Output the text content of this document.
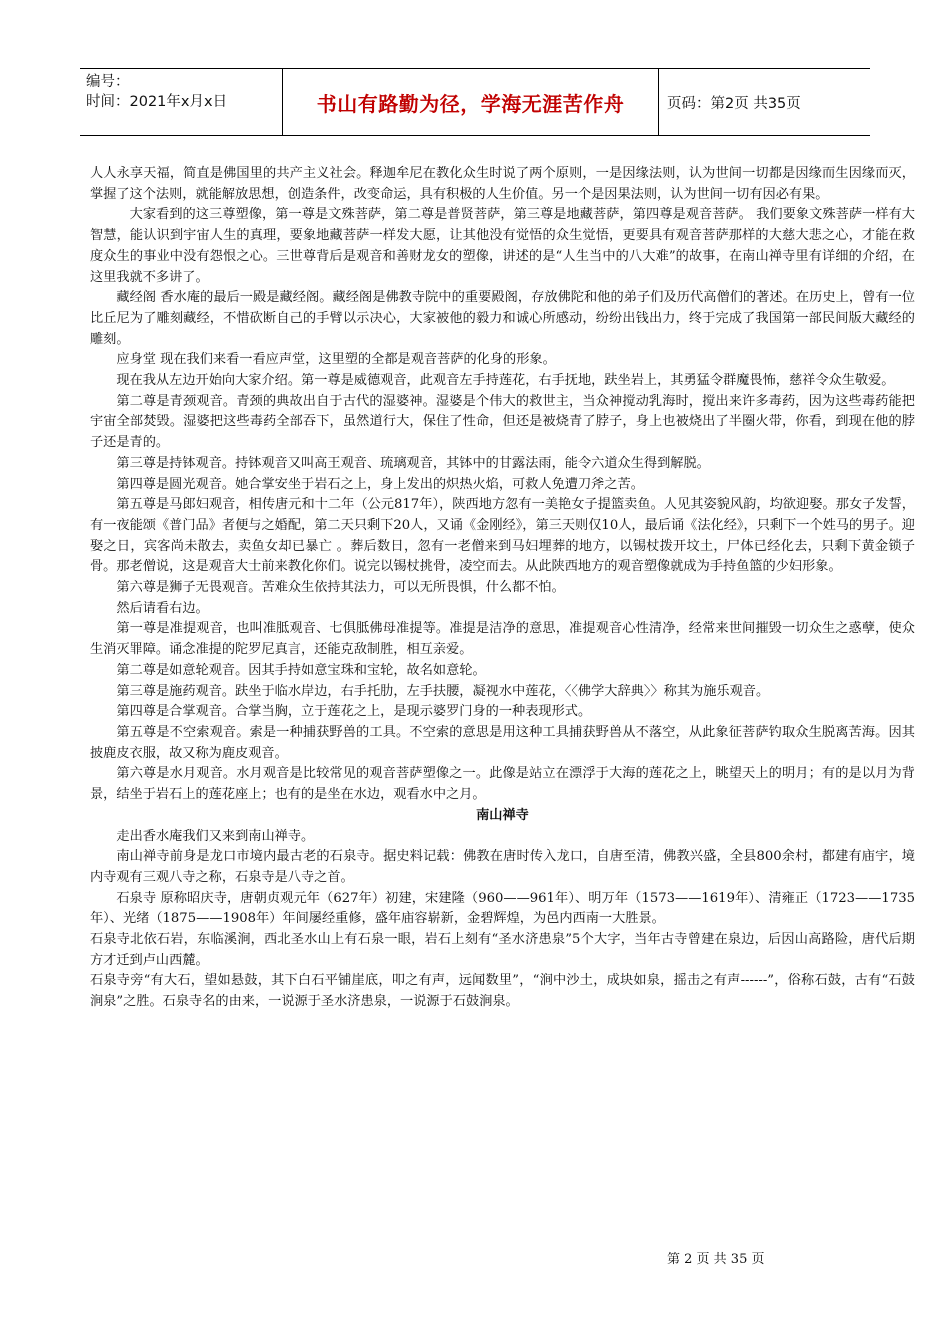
编号：
时间：2021年x月x日	书山有路勤为径，学海无涯苦作舟	页码：第2页 共35页

人人永享天福，简直是佛国里的共产主义社会。释迦牟尼在教化众生时说了两个原则，一是因缘法则，认为世间一切都是因缘而生因缘而灭，掌握了这个法则，就能解放思想，创造条件，改变命运，具有积极的人生价值。另一个是因果法则，认为世间一切有因必有果。

大家看到的这三尊塑像，第一尊是文殊菩萨，第二尊是普贤菩萨，第三尊是地藏菩萨，第四尊是观音菩萨。 我们要象文殊菩萨一样有大智慧，能认识到宇宙人生的真理，要象地藏菩萨一样发大愿，让其他没有觉悟的众生觉悟，更要具有观音菩萨那样的大慈大悲之心，才能在救度众生的事业中没有怨恨之心。三世尊背后是观音和善财龙女的塑像，讲述的是“人生当中的八大难”的故事，在南山禅寺里有详细的介绍，在这里我就不多讲了。

藏经阁 香水庵的最后一殿是藏经阁。藏经阁是佛教寺院中的重要殿阁，存放佛陀和他的弟子们及历代高僧们的著述。在历史上，曾有一位比丘尼为了雕刻藏经，不惜砍断自己的手臂以示决心，大家被他的毅力和诚心所感动，纷纷出钱出力，终于完成了我国第一部民间版大藏经的雕刻。

应身堂 现在我们来看一看应声堂，这里塑的全都是观音菩萨的化身的形象。

现在我从左边开始向大家介绍。第一尊是威德观音，此观音左手持莲花，右手抚地，趺坐岩上，其勇猛令群魔畏怖，慈祥令众生敬爱。

第二尊是青颈观音。青颈的典故出自于古代的湿婆神。湿婆是个伟大的救世主，当众神搅动乳海时，搅出来许多毒药，因为这些毒药能把宇宙全部焚毁。湿婆把这些毒药全部吞下，虽然道行大，保住了性命，但还是被烧青了脖子，身上也被烧出了半圈火带，你看，到现在他的脖子还是青的。

第三尊是持钵观音。持钵观音又叫高王观音、琉璃观音，其钵中的甘露法雨，能令六道众生得到解脱。

第四尊是圆光观音。她合掌安坐于岩石之上，身上发出的炽热火焰，可救人免遭刀斧之苦。

第五尊是马郎妇观音，相传唐元和十二年（公元817年），陕西地方忽有一美艳女子提篮卖鱼。人见其姿貌风韵，均欲迎娶。那女子发誓，有一夜能颂《普门品》者便与之婚配，第二天只剩下20人，又诵《金刚经》，第三天则仅10人，最后诵《法化经》，只剩下一个姓马的男子。迎娶之日，宾客尚未散去，卖鱼女却已暴亡 。葬后数日，忽有一老僧来到马妇埋葬的地方，以锡杖拨开坟土，尸体已经化去，只剩下黄金锁子骨。那老僧说，这是观音大士前来教化你们。说完以锡杖挑骨，凌空而去。从此陕西地方的观音塑像就成为手持鱼篮的少妇形象。

第六尊是狮子无畏观音。苦难众生依持其法力，可以无所畏惧，什么都不怕。

然后请看右边。

第一尊是准提观音，也叫准胝观音、七俱胝佛母准提等。准提是洁净的意思，准提观音心性清净，经常来世间摧毁一切众生之惑孽，使众生消灭罪障。诵念准提的陀罗尼真言，还能克敌制胜，相互亲爱。

第二尊是如意轮观音。因其手持如意宝珠和宝轮，故名如意轮。

第三尊是施药观音。趺坐于临水岸边，右手托肋，左手扶腰，凝视水中莲花，〈〈佛学大辞典〉〉称其为施乐观音。

第四尊是合掌观音。合掌当胸，立于莲花之上，是现示婆罗门身的一种表现形式。

第五尊是不空索观音。索是一种捕获野兽的工具。不空索的意思是用这种工具捕获野兽从不落空，从此象征菩萨钓取众生脱离苦海。因其披鹿皮衣服，故又称为鹿皮观音。

第六尊是水月观音。水月观音是比较常见的观音菩萨塑像之一。此像是站立在漂浮于大海的莲花之上，眺望天上的明月；有的是以月为背景，结坐于岩石上的莲花座上；也有的是坐在水边，观看水中之月。

南山禅寺

走出香水庵我们又来到南山禅寺。

南山禅寺前身是龙口市境内最古老的石泉寺。据史料记载：佛教在唐时传入龙口，自唐至清，佛教兴盛，全县800余村，都建有庙宇，境内寺观有三观八寺之称，石泉寺是八寺之首。

石泉寺 原称昭庆寺，唐朝贞观元年（627年）初建，宋建隆（960——961年）、明万年（1573——1619年）、清雍正（1723——1735年）、光绪（1875——1908年）年间屡经重修，盛年庙容崭新，金碧辉煌，为邑内西南一大胜景。

石泉寺北依石岩，东临溪涧，西北圣水山上有石泉一眼，岩石上刻有“圣水济患泉”5个大字，当年古寺曾建在泉边，后因山高路险，唐代后期方才迁到卢山西麓。

石泉寺旁“有大石，望如悬鼓，其下白石平铺崖底，叩之有声，远闻数里”，“涧中沙土，成块如泉，摇击之有声------”，俗称石鼓，古有“石鼓涧泉”之胜。石泉寺名的由来，一说源于圣水济患泉，一说源于石鼓涧泉。

第 2 页 共 35 页
